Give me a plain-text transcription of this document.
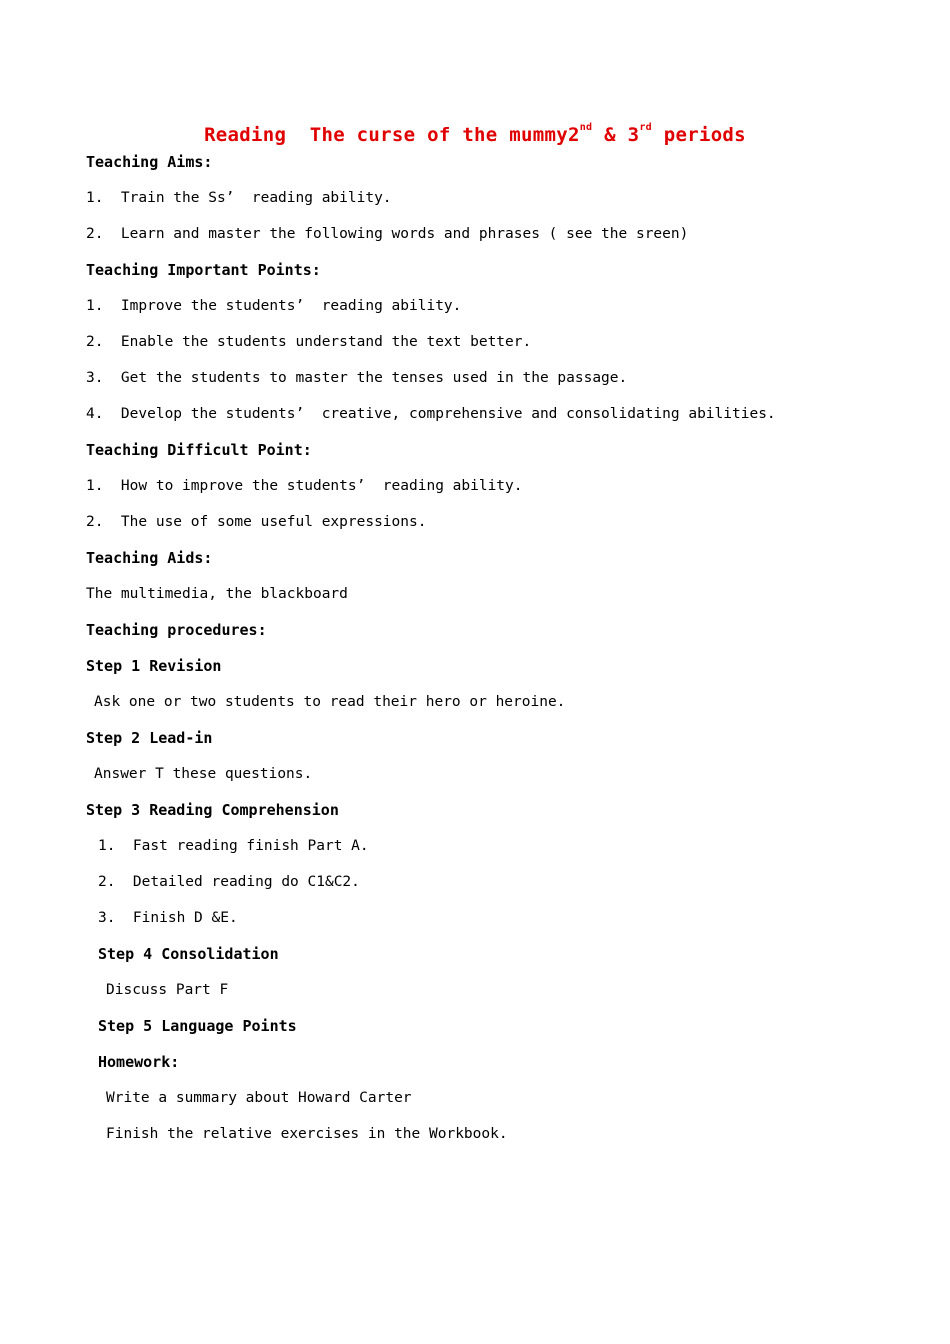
Reading  The curse of the mummy2nd & 3rd periods
Teaching Aims:
1.  Train the Ss’  reading ability.
2.  Learn and master the following words and phrases ( see the sreen)
Teaching Important Points:
1.  Improve the students’  reading ability.
2.  Enable the students understand the text better.
3.  Get the students to master the tenses used in the passage.
4.  Develop the students’  creative, comprehensive and consolidating abilities.
Teaching Difficult Point:
1.  How to improve the students’  reading ability.
2.  The use of some useful expressions.
Teaching Aids:
The multimedia, the blackboard
Teaching procedures:
Step 1 Revision
Ask one or two students to read their hero or heroine.
Step 2 Lead-in
Answer T these questions.
Step 3 Reading Comprehension
1.  Fast reading finish Part A.
2.  Detailed reading do C1&C2.
3.  Finish D &E.
Step 4 Consolidation
Discuss Part F
Step 5 Language Points
Homework:
Write a summary about Howard Carter
Finish the relative exercises in the Workbook.
